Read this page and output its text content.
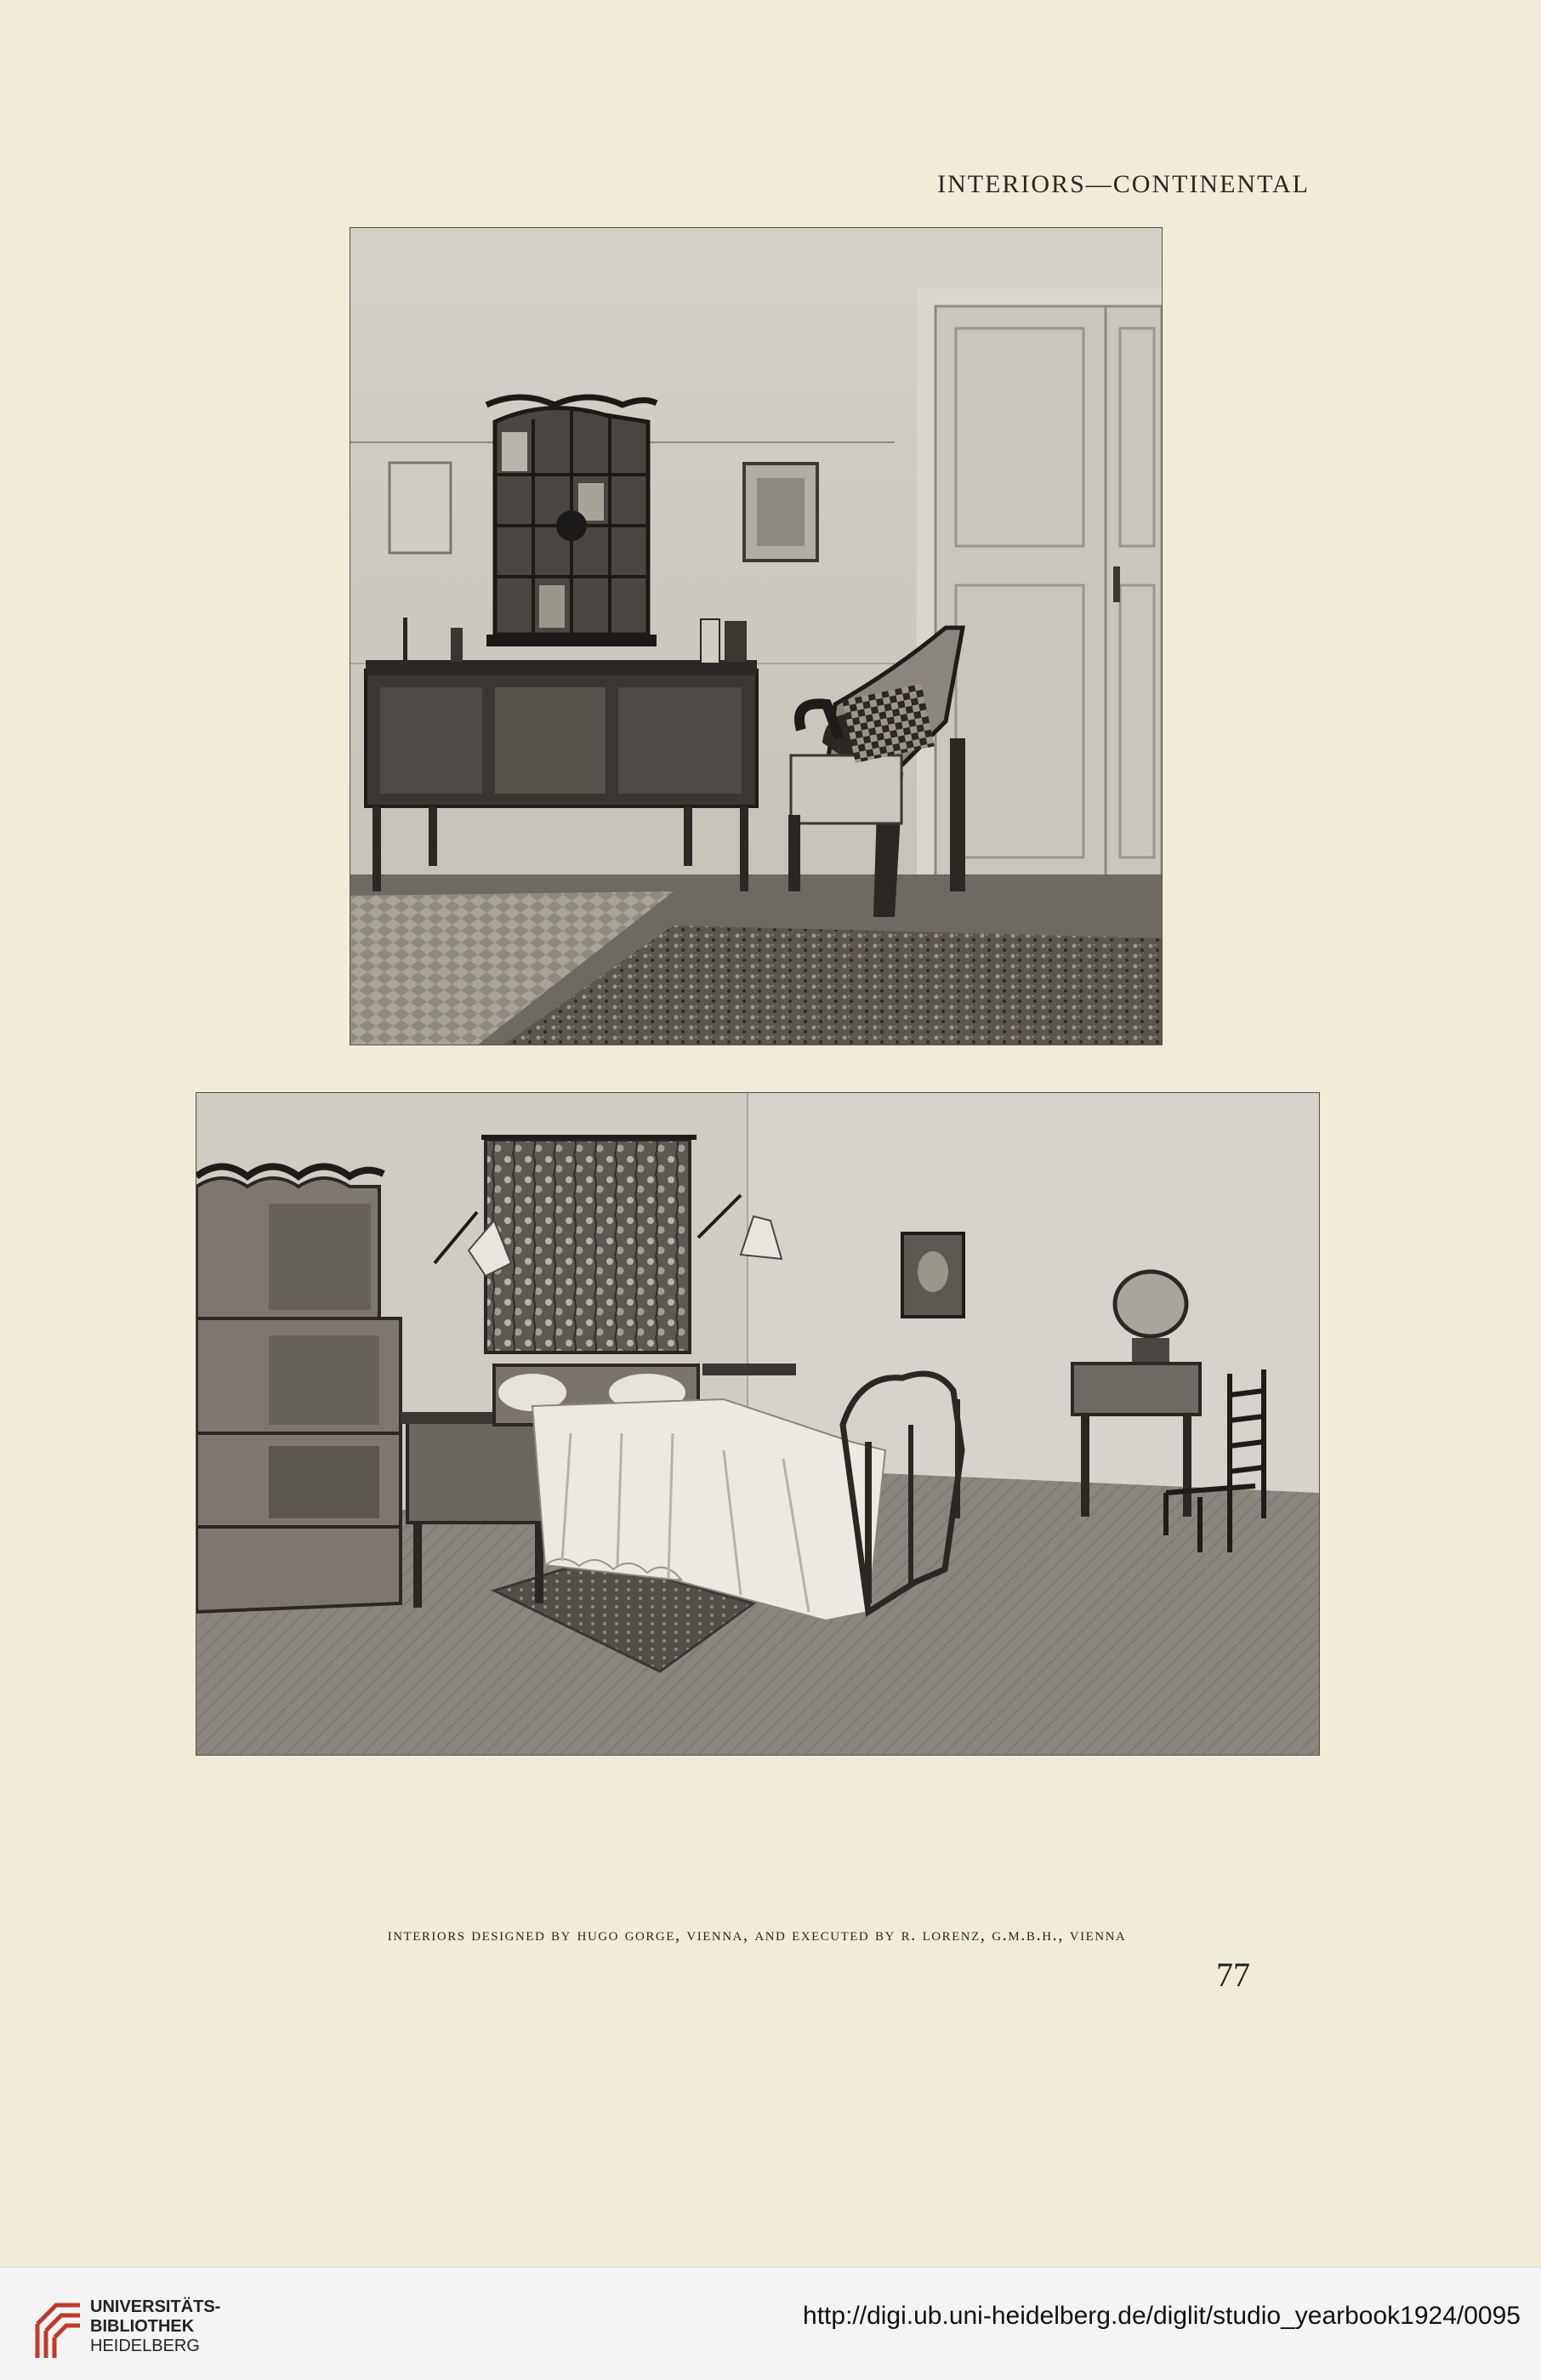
INTERIORS—CONTINENTAL
interiors designed by hugo gorge, vienna, and executed by r. lorenz, g.m.b.h., vienna
77
UNIVERSITÄTS-
BIBLIOTHEK
HEIDELBERG
http://digi.ub.uni-heidelberg.de/diglit/studio_yearbook1924/0095
